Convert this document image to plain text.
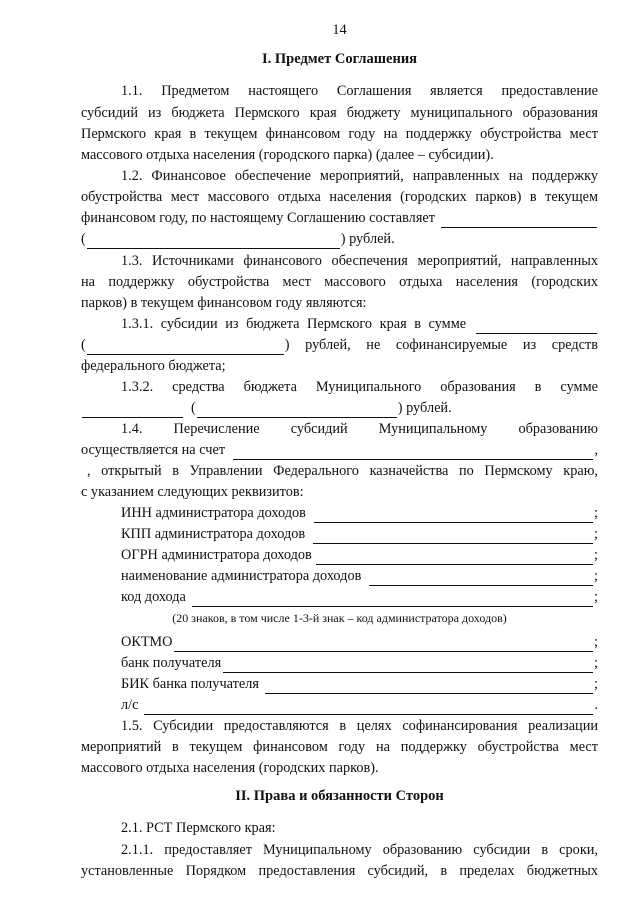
14
I. Предмет Соглашения
1.1. Предметом настоящего Соглашения является предоставление
субсидий из бюджета Пермского края бюджету муниципального образования
Пермского края в текущем финансовом году на поддержку обустройства мест
массового отдыха населения (городского парка) (далее – субсидии).
1.2. Финансовое обеспечение мероприятий, направленных на поддержку
обустройства мест массового отдыха населения (городских парков) в текущем
финансовом году, по настоящему Соглашению составляет
(	) рублей.
1.3. Источниками финансового обеспечения мероприятий, направленных
на поддержку обустройства мест массового отдыха населения (городских
парков) в текущем финансовом году являются:
1.3.1. субсидии из бюджета Пермского края в сумме
(	) рублей, не софинансируемые из средств
федерального бюджета;
1.3.2. средства бюджета Муниципального образования в сумме
(	) рублей.
1.4. Перечисление субсидий Муниципальному образованию
осуществляется на счет	,
, открытый в Управлении Федерального казначейства по Пермскому краю,
с указанием следующих реквизитов:
ИНН администратора доходов	;
КПП администратора доходов	;
ОГРН администратора доходов	;
наименование администратора доходов	;
код дохода	;
(20 знаков, в том числе 1-3-й знак – код администратора доходов)
ОКТМО	;
банк получателя	;
БИК банка получателя	;
л/с	.
1.5. Субсидии предоставляются в целях софинансирования реализации
мероприятий в текущем финансовом году на поддержку обустройства мест
массового отдыха населения (городских парков).
II. Права и обязанности Сторон
2.1. РСТ Пермского края:
2.1.1. предоставляет Муниципальному образованию субсидии в сроки,
установленные Порядком предоставления субсидий, в пределах бюджетных
